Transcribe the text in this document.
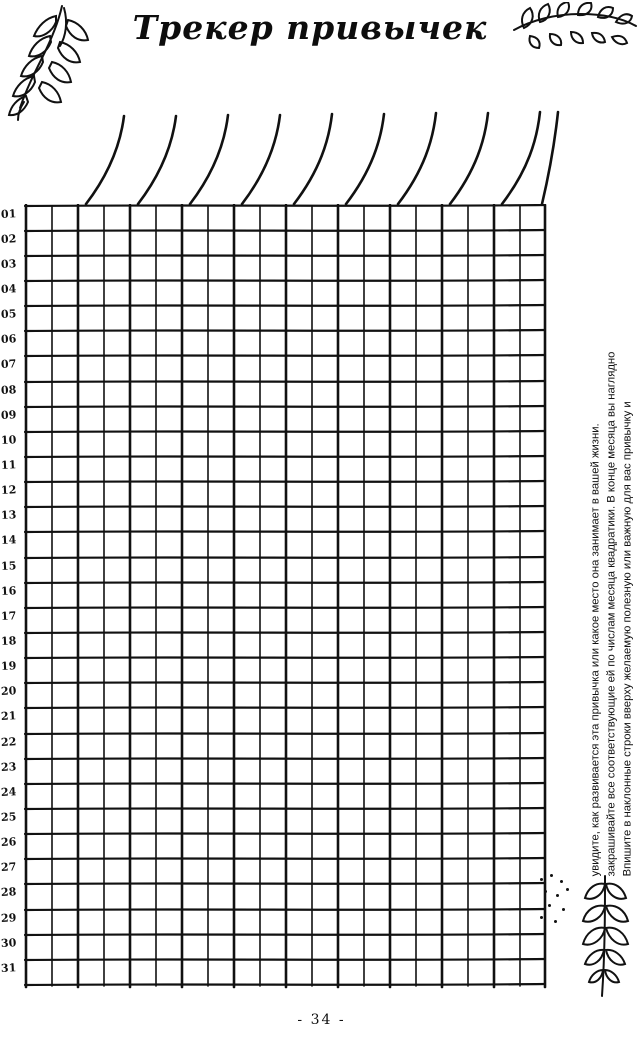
Трекер привычек
01
02
03
04
05
06
07
08
09
10
11
12
13
14
15
16
17
18
19
20
21
22
23
24
25
26
27
28
29
30
31
Впишите в наклонные строки вверху желаемую полезную или важную для вас привычку и
закрашивайте все соответствующие ей по числам месяца квадратики. В конце месяца вы наглядно
увидите, как развивается эта привычка или какое место она занимает в вашей жизни.
- 34 -
